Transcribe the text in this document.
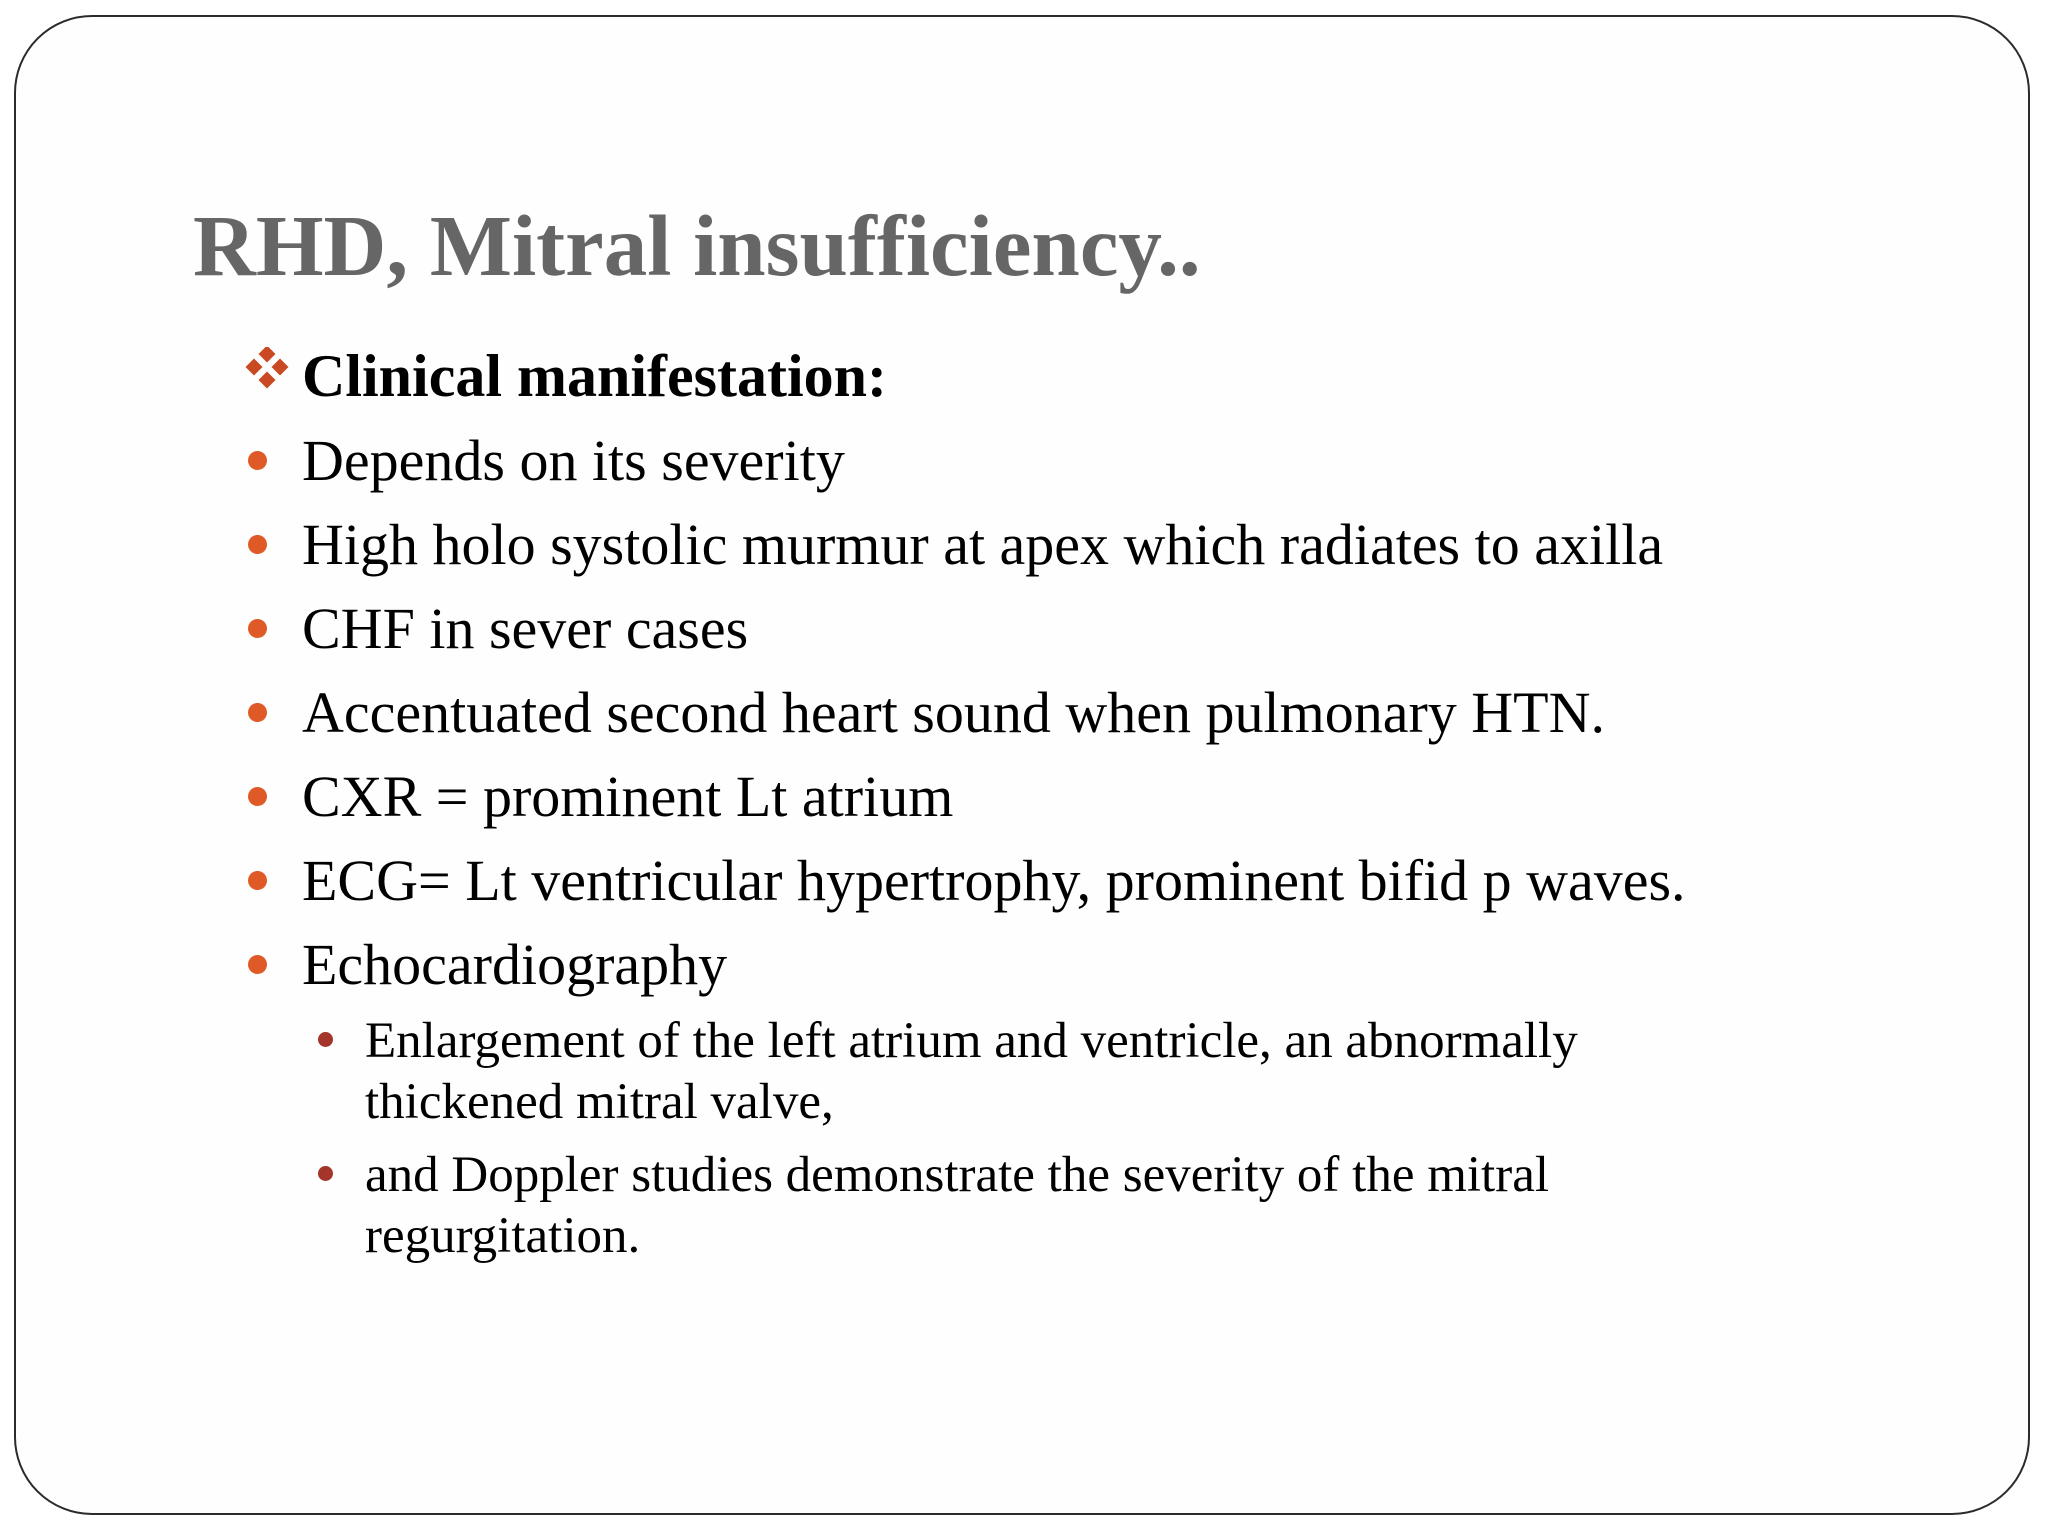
RHD, Mitral insufficiency..
Clinical manifestation:
Depends on its severity
High holo systolic murmur at apex which radiates to axilla
CHF in sever cases
Accentuated second heart sound when pulmonary HTN.
CXR = prominent Lt atrium
ECG= Lt ventricular hypertrophy, prominent bifid p waves.
Echocardiography
Enlargement of the left atrium and ventricle, an abnormally thickened mitral valve,
and Doppler studies demonstrate the severity of the mitral regurgitation.
